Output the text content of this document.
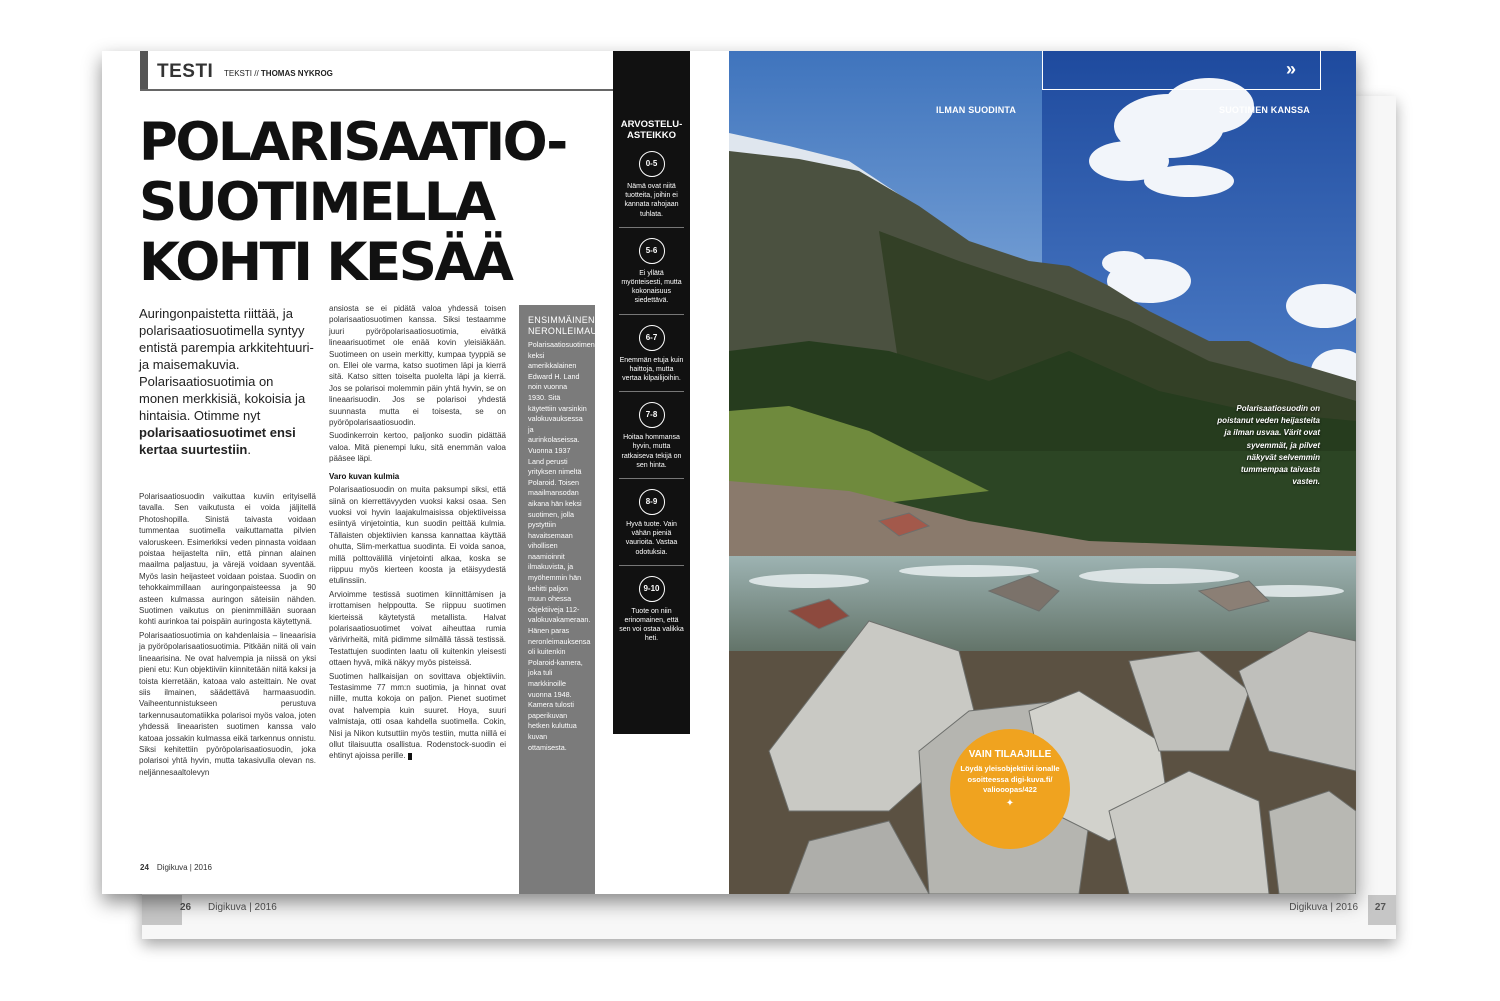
26 Digikuva | 2016	Digikuva | 2016 27
TESTI TEKSTI // THOMAS NYKROG
POLARISAATIO-
SUOTIMELLA
KOHTI KESÄÄ

Auringonpaistetta riittää, ja polarisaatiosuotimella syntyy entistä parempia arkkitehtuuri- ja maisemakuvia. Polarisaatiosuotimia on monen merkkisiä, kokoisia ja hintaisia. Otimme nyt polarisaatiosuotimet ensi kertaa suurtestiin.

Polarisaatiosuodin vaikuttaa kuviin erityisellä tavalla. Sen vaikutusta ei voida jäljitellä Photoshopilla. Sinistä taivasta voidaan tummentaa suotimella vaikuttamatta pilvien valoruskeen. Esimerkiksi veden pinnasta voidaan poistaa heijastelta niin, että pinnan alainen maailma paljastuu, ja värejä voidaan syventää. Myös lasin heijasteet voidaan poistaa. Suodin on tehokkaimmillaan auringonpaisteessa ja 90 asteen kulmassa auringon säteisiin nähden. Suotimen vaikutus on pienimmillään suoraan kohti aurinkoa tai poispäin auringosta käytettynä.

Polarisaatiosuotimia on kahdenlaisia – lineaarisia ja pyöröpolarisaatiosuotimia. Pitkään niitä oli vain lineaarisina. Ne ovat halvempia ja niissä on yksi pieni etu: Kun objektiiviin kiinnitetään niitä kaksi ja toista kierretään, katoaa valo asteittain. Ne ovat siis ilmainen, säädettävä harmaasuodin. Vaiheentunnistukseen perustuva tarkennusautomatiikka polarisoi myös valoa, joten yhdessä lineaaristen suotimen kanssa valo katoaa jossakin kulmassa eikä tarkennus onnistu. Siksi kehitettiin pyöröpolarisaatiosuodin, joka polarisoi yhtä hyvin, mutta takasivulla olevan ns. neljännesaaltolevyn

ansiosta se ei pidätä valoa yhdessä toisen polarisaatiosuotimen kanssa. Siksi testaamme juuri pyöröpolarisaatiosuotimia, eivätkä lineaarisuotimet ole enää kovin yleisiäkään. Suotimeen on usein merkitty, kumpaa tyyppiä se on. Ellei ole varma, katso suotimen läpi ja kierrä sitä. Katso sitten toiselta puolelta läpi ja kierrä. Jos se polarisoi molemmin päin yhtä hyvin, se on lineaarisuodin. Jos se polarisoi yhdestä suunnasta mutta ei toisesta, se on pyöröpolarisaatiosuodin.

Suodinkerroin kertoo, paljonko suodin pidättää valoa. Mitä pienempi luku, sitä enemmän valoa pääsee läpi.

Varo kuvan kulmia

Polarisaatiosuodin on muita paksumpi siksi, että siinä on kierrettävyyden vuoksi kaksi osaa. Sen vuoksi voi hyvin laajakulmaisissa objektiiveissa esiintyä vinjetointia, kun suodin peittää kulmia. Tällaisten objektiivien kanssa kannattaa käyttää ohutta, Slim-merkattua suodinta. Ei voida sanoa, millä polttovälillä vinjetointi alkaa, koska se riippuu myös kierteen koosta ja etäisyydestä etulinssiin.

Arvioimme testissä suotimen kiinnittämisen ja irrottamisen helppoutta. Se riippuu suotimen kierteissä käytetystä metallista. Halvat polarisaatiosuotimet voivat aiheuttaa rumia värivirheitä, mitä pidimme silmällä tässä testissä. Testattujen suodinten laatu oli kuitenkin yleisesti ottaen hyvä, mikä näkyy myös pisteissä.

Suotimen hallkaisijan on sovittava objektiiviin. Testasimme 77 mm:n suotimia, ja hinnat ovat niille, mutta kokoja on paljon. Pienet suotimet ovat halvempia kuin suuret. Hoya, suuri valmistaja, otti osaa kahdella suotimella. Cokin, Nisi ja Nikon kutsuttiin myös testiin, mutta niillä ei ollut tilaisuutta osallistua. Rodenstock-suodin ei ehtinyt ajoissa perille.

ENSIMMÄINEN NERONLEIMAUS

Polarisaatiosuotimen keksi amerikkalainen Edward H. Land noin vuonna 1930. Sitä käytettiin varsinkin valokuvauksessa ja aurinkolaseissa. Vuonna 1937 Land perusti yrityksen nimeltä Polaroid. Toisen maailmansodan aikana hän keksi suotimen, jolla pystyttiin havaitsemaan vihollisen naamioinnit ilmakuvista, ja myöhemmin hän kehitti paljon muun ohessa objektiiveja 112-valokuvakameraan. Hänen paras neronleimauksensa oli kuitenkin Polaroid-kamera, joka tuli markkinoille vuonna 1948. Kamera tulosti paperikuvan hetken kuluttua kuvan ottamisesta.

ARVOSTELU-ASTEIKKO
0-5
Nämä ovat niitä tuotteita, joihin ei kannata rahojaan tuhlata.
5-6
Ei yllätä myönteisesti, mutta kokonaisuus siedettävä.
6-7
Enemmän etuja kuin haittoja, mutta vertaa kilpailijoihin.
7-8
Hoitaa hommansa hyvin, mutta ratkaiseva tekijä on sen hinta.
8-9
Hyvä tuote. Vain vähän pieniä vaurioita. Vastaa odotuksia.
9-10
Tuote on niin erinomainen, että sen voi ostaa valikka heti.
24 Digikuva | 2016
»
ILMAN SUODINTA	SUOTIMEN KANSSA

Polarisaatiosuodin on poistanut veden heijasteita ja ilman usvaa. Värit ovat syvemmät, ja pilvet näkyvät selvemmin tummempaa taivasta vasten.

VAIN TILAAJILLE
Löydä yleisobjektiivi ionalle osoitteessa digi-kuva.fi/ valiooopas/422
✦
